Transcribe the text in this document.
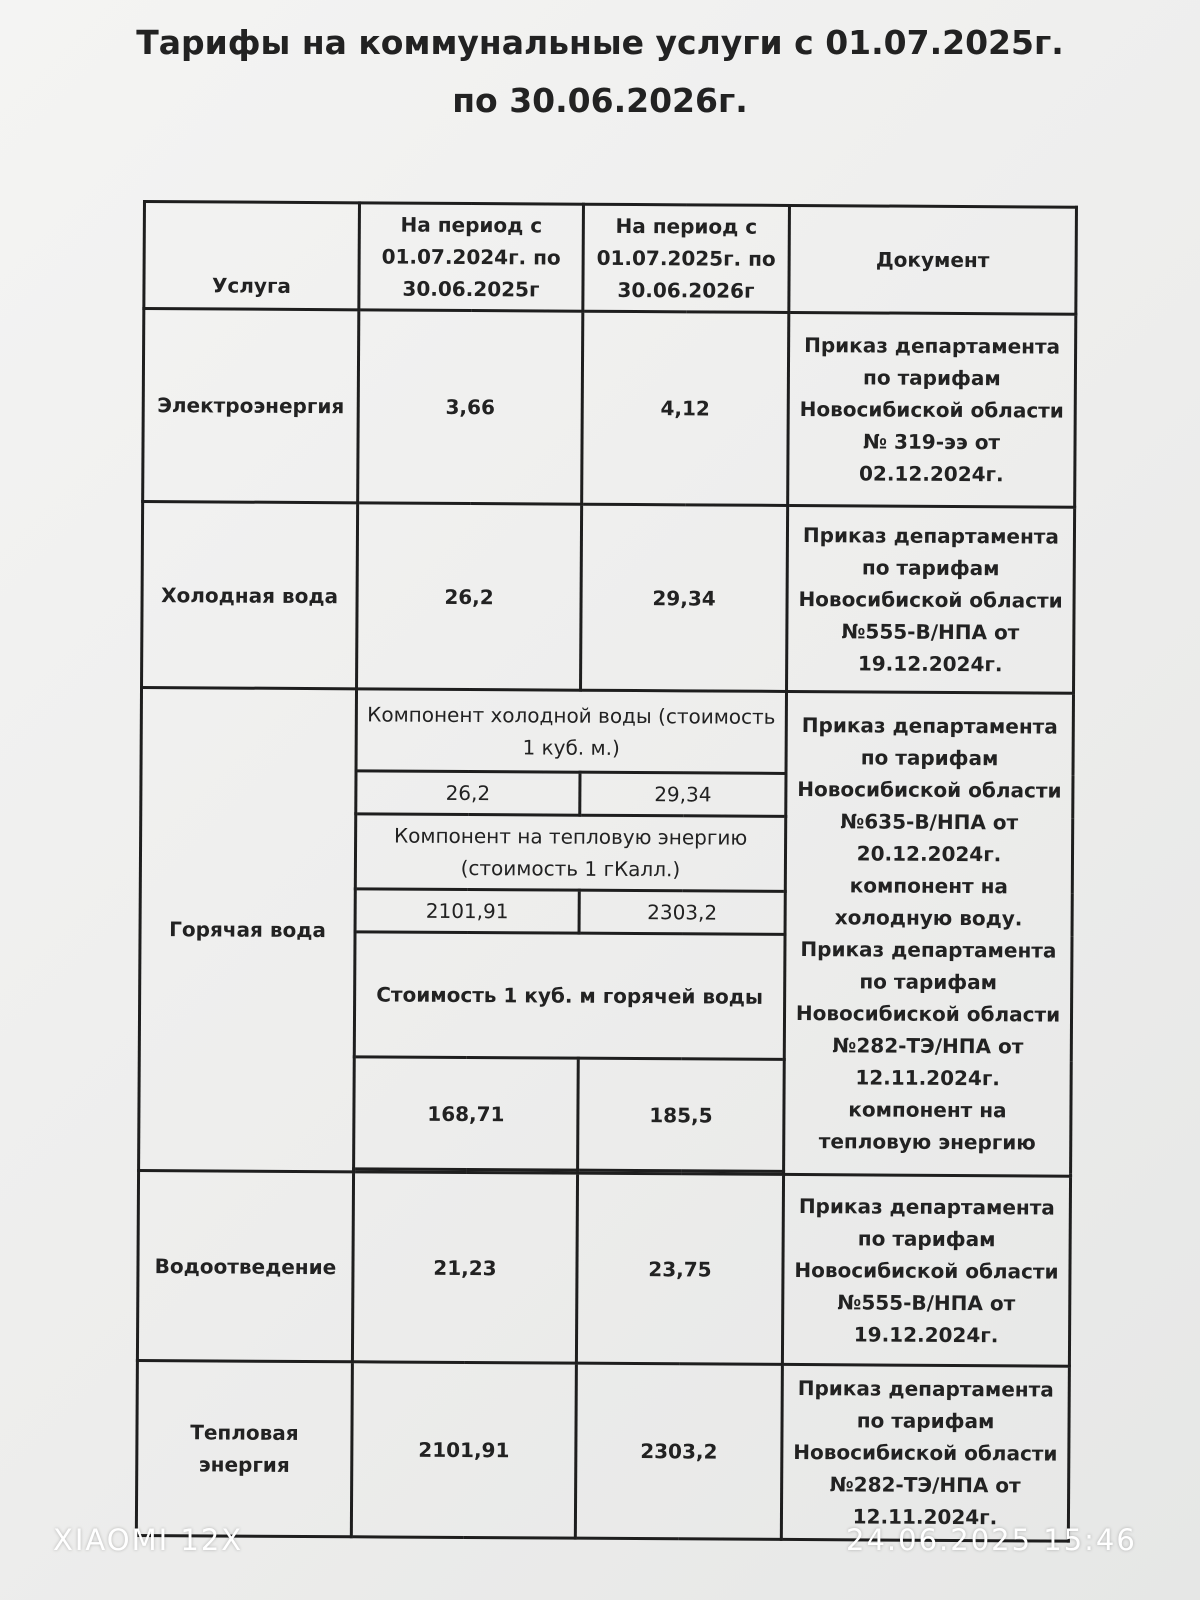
Тарифы на коммунальные услуги с 01.07.2025г.
по 30.06.2026г.
Услуга	На период с 01.07.2024г. по 30.06.2025г	На период с 01.07.2025г. по 30.06.2026г	Документ
Электроэнергия	3,66	4,12	Приказ департамента по тарифам Новосибиской области № 319-ээ от 02.12.2024г.
Холодная вода	26,2	29,34	Приказ департамента по тарифам Новосибиской области №555-В/НПА от 19.12.2024г.
Горячая вода	Компонент холодной воды (стоимость 1 куб. м.)		Приказ департамента по тарифам Новосибиской области №635-В/НПА от 20.12.2024г. компонент на холодную воду. Приказ департамента по тарифам Новосибиской области №282-ТЭ/НПА от 12.11.2024г. компонент на тепловую энергию
	26,2	29,34	
	Компонент на тепловую энергию (стоимость 1 гКалл.)		
	2101,91	2303,2	
	Стоимость 1 куб. м горячей воды		
	168,71	185,5	

Водоотведение	21,23	23,75	Приказ департамента по тарифам Новосибиской области №555-В/НПА от 19.12.2024г.
Тепловая энергия	2101,91	2303,2	Приказ департамента по тарифам Новосибиской области №282-ТЭ/НПА от 12.11.2024г.
XIAOMI 12X	24.06.2025 15:46
